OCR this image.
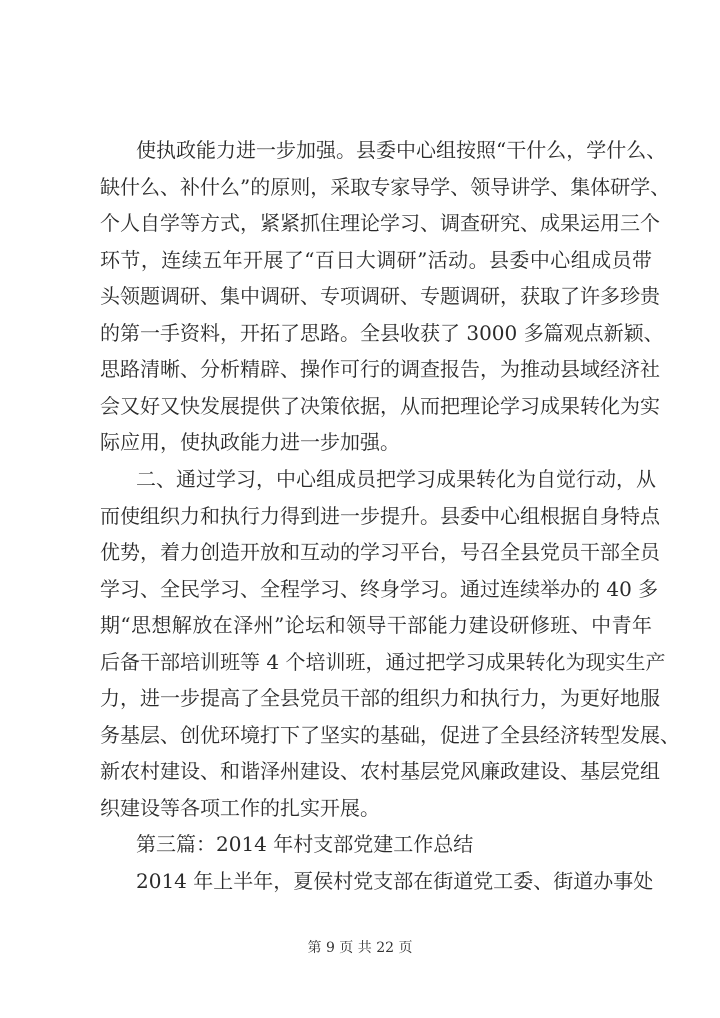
使执政能力进一步加强。县委中心组按照“干什么，学什么、
缺什么、补什么”的原则，采取专家导学、领导讲学、集体研学、
个人自学等方式，紧紧抓住理论学习、调查研究、成果运用三个
环节，连续五年开展了“百日大调研”活动。县委中心组成员带
头领题调研、集中调研、专项调研、专题调研，获取了许多珍贵
的第一手资料，开拓了思路。全县收获了 3000 多篇观点新颖、
思路清晰、分析精辟、操作可行的调查报告，为推动县域经济社
会又好又快发展提供了决策依据，从而把理论学习成果转化为实
际应用，使执政能力进一步加强。
二、通过学习，中心组成员把学习成果转化为自觉行动，从
而使组织力和执行力得到进一步提升。县委中心组根据自身特点
优势，着力创造开放和互动的学习平台，号召全县党员干部全员
学习、全民学习、全程学习、终身学习。通过连续举办的 40 多
期“思想解放在泽州”论坛和领导干部能力建设研修班、中青年
后备干部培训班等 4 个培训班，通过把学习成果转化为现实生产
力，进一步提高了全县党员干部的组织力和执行力，为更好地服
务基层、创优环境打下了坚实的基础，促进了全县经济转型发展、
新农村建设、和谐泽州建设、农村基层党风廉政建设、基层党组
织建设等各项工作的扎实开展。
第三篇：2014 年村支部党建工作总结
2014 年上半年，夏侯村党支部在街道党工委、街道办事处
第 9 页 共 22 页
